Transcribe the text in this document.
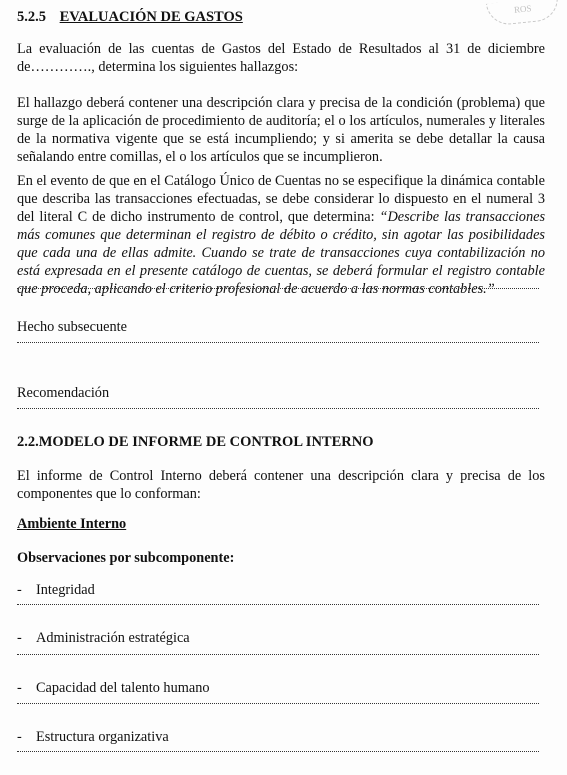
ROS
5.2.5 EVALUACIÓN DE GASTOS
La evaluación de las cuentas de Gastos del Estado de Resultados al 31 de diciembre de…………., determina los siguientes hallazgos:
El hallazgo deberá contener una descripción clara y precisa de la condición (problema) que surge de la aplicación de procedimiento de auditoría; el o los artículos, numerales y literales de la normativa vigente que se está incumpliendo; y si amerita se debe detallar la causa señalando entre comillas, el o los artículos que se incumplieron.
En el evento de que en el Catálogo Único de Cuentas no se especifique la dinámica contable que describa las transacciones efectuadas, se debe considerar lo dispuesto en el numeral 3 del literal C de dicho instrumento de control, que determina: “Describe las transacciones más comunes que determinan el registro de débito o crédito, sin agotar las posibilidades que cada una de ellas admite. Cuando se trate de transacciones cuya contabilización no está expresada en el presente catálogo de cuentas, se deberá formular el registro contable que proceda, aplicando el criterio profesional de acuerdo a las normas contables.”
Hecho subsecuente
Recomendación
2.2.MODELO DE INFORME DE CONTROL INTERNO
El informe de Control Interno deberá contener una descripción clara y precisa de los componentes que lo conforman:
Ambiente Interno
Observaciones por subcomponente:
- Integridad
- Administración estratégica
- Capacidad del talento humano
- Estructura organizativa
